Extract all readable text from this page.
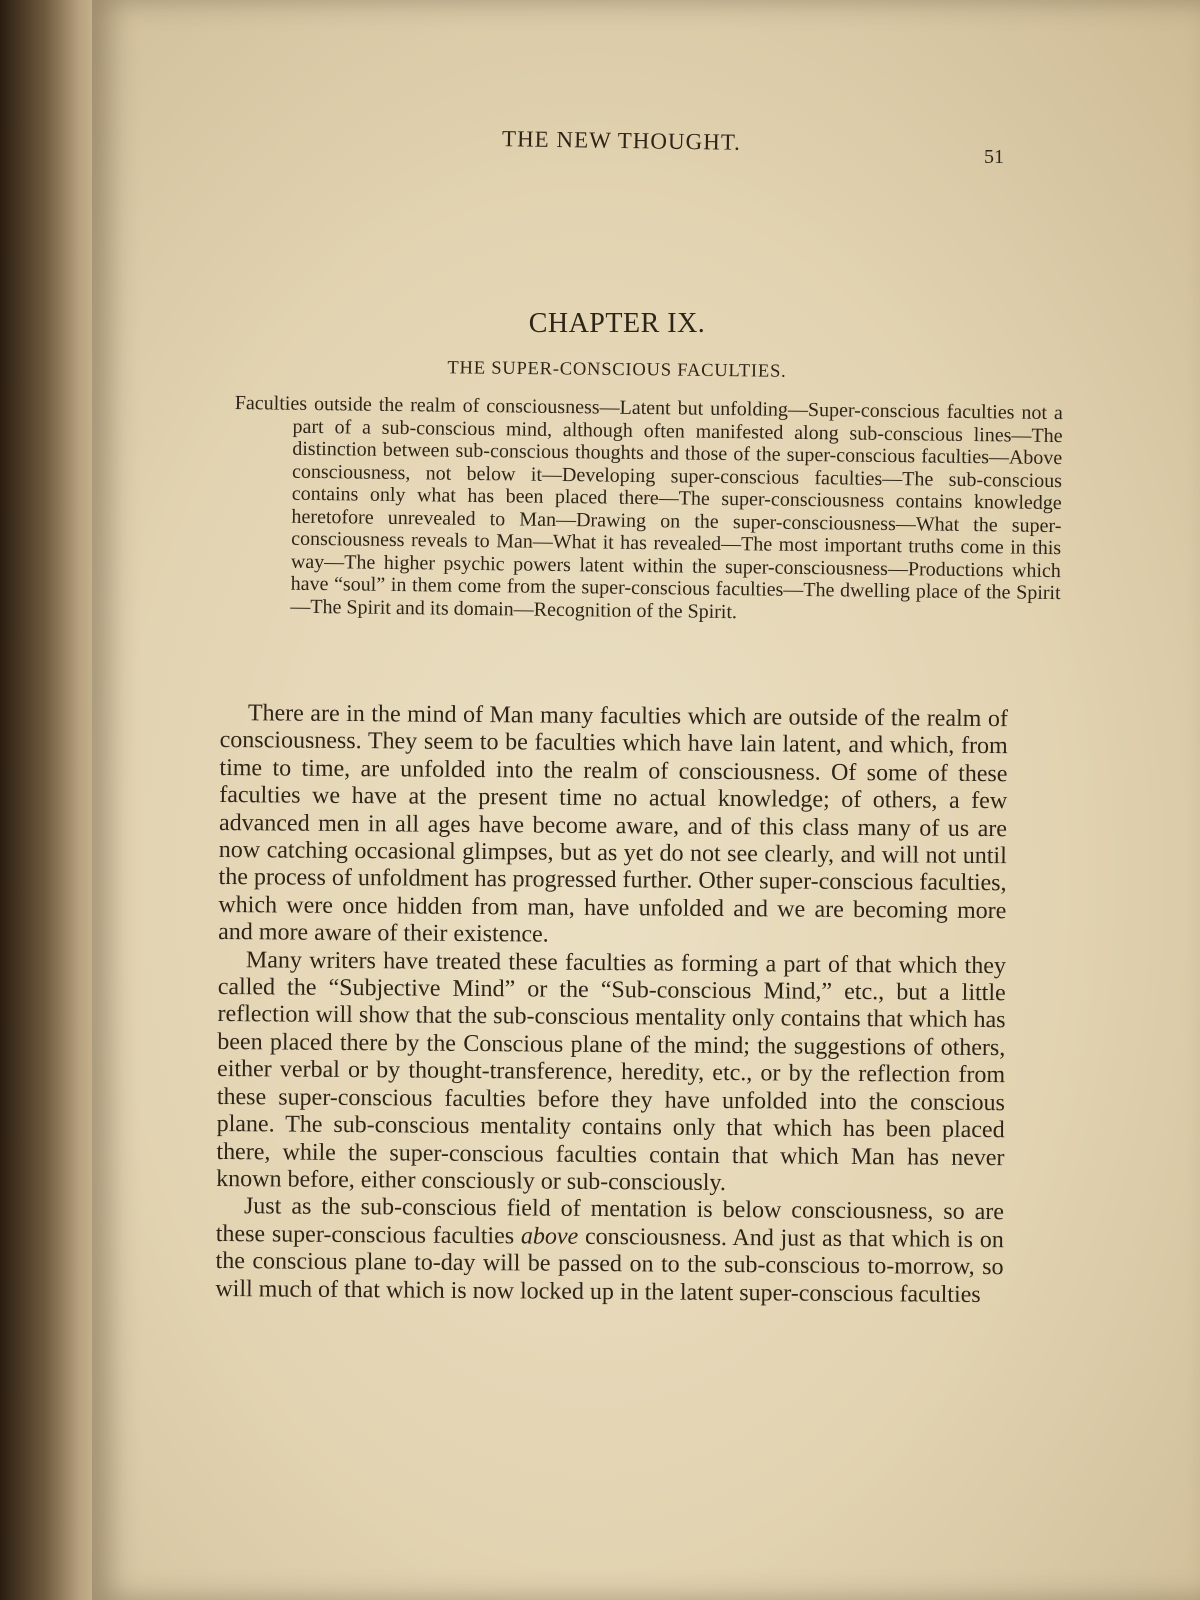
THE NEW THOUGHT.
51
CHAPTER IX.
THE SUPER-CONSCIOUS FACULTIES.

Faculties outside the realm of consciousness—Latent but unfolding—Super-conscious faculties not a part of a sub-conscious mind, although often manifested along sub-conscious lines—The distinction between sub-conscious thoughts and those of the super-conscious faculties—Above consciousness, not below it—Developing super-conscious faculties—The sub-conscious contains only what has been placed there—The super-consciousness contains knowledge heretofore unrevealed to Man—Drawing on the super-consciousness—What the super-consciousness reveals to Man—What it has revealed—The most important truths come in this way—The higher psychic powers latent within the super-consciousness—Productions which have “soul” in them come from the super-conscious faculties—The dwelling place of the Spirit—The Spirit and its domain—Recognition of the Spirit.

There are in the mind of Man many faculties which are outside of the realm of consciousness. They seem to be faculties which have lain latent, and which, from time to time, are unfolded into the realm of consciousness. Of some of these faculties we have at the present time no actual knowledge; of others, a few advanced men in all ages have become aware, and of this class many of us are now catching occasional glimpses, but as yet do not see clearly, and will not until the process of unfoldment has progressed further. Other super-conscious faculties, which were once hidden from man, have unfolded and we are becoming more and more aware of their existence.

Many writers have treated these faculties as forming a part of that which they called the “Subjective Mind” or the “Sub-conscious Mind,” etc., but a little reflection will show that the sub-conscious mentality only contains that which has been placed there by the Conscious plane of the mind; the suggestions of others, either verbal or by thought-transference, heredity, etc., or by the reflection from these super-conscious faculties before they have unfolded into the conscious plane. The sub-conscious mentality contains only that which has been placed there, while the super-conscious faculties contain that which Man has never known before, either consciously or sub-consciously.

Just as the sub-conscious field of mentation is below consciousness, so are these super-conscious faculties above consciousness. And just as that which is on the conscious plane to-day will be passed on to the sub-conscious to-morrow, so will much of that which is now locked up in the latent super-conscious faculties
